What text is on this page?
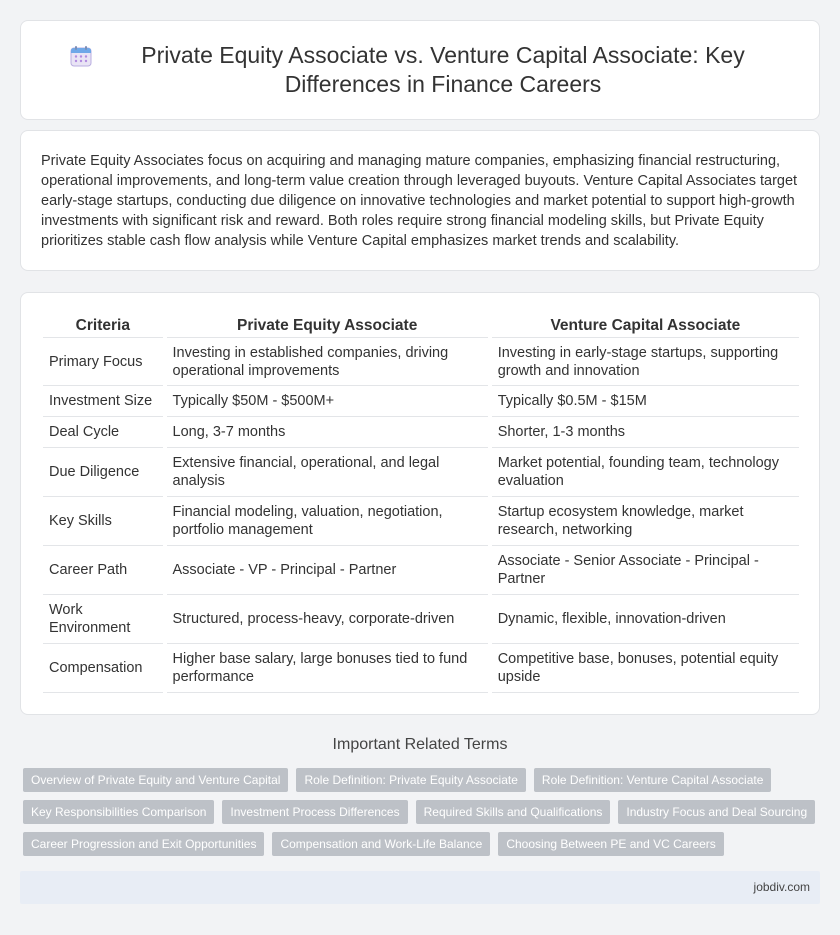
Private Equity Associate vs. Venture Capital Associate: Key Differences in Finance Careers

Private Equity Associates focus on acquiring and managing mature companies, emphasizing financial restructuring, operational improvements, and long-term value creation through leveraged buyouts. Venture Capital Associates target early-stage startups, conducting due diligence on innovative technologies and market potential to support high-growth investments with significant risk and reward. Both roles require strong financial modeling skills, but Private Equity prioritizes stable cash flow analysis while Venture Capital emphasizes market trends and scalability.

Criteria		Private Equity Associate		Venture Capital Associate
Primary Focus		Investing in established companies, driving operational improvements		Investing in early-stage startups, supporting growth and innovation
Investment Size		Typically $50M - $500M+		Typically $0.5M - $15M
Deal Cycle		Long, 3-7 months		Shorter, 1-3 months
Due Diligence		Extensive financial, operational, and legal analysis		Market potential, founding team, technology evaluation
Key Skills		Financial modeling, valuation, negotiation, portfolio management		Startup ecosystem knowledge, market research, networking
Career Path		Associate - VP - Principal - Partner		Associate - Senior Associate - Principal - Partner
Work Environment		Structured, process-heavy, corporate-driven		Dynamic, flexible, innovation-driven
Compensation		Higher base salary, large bonuses tied to fund performance		Competitive base, bonuses, potential equity upside
Important Related Terms
Overview of Private Equity and Venture Capital	Role Definition: Private Equity Associate	Role Definition: Venture Capital Associate
Key Responsibilities Comparison	Investment Process Differences	Required Skills and Qualifications	Industry Focus and Deal Sourcing
Career Progression and Exit Opportunities	Compensation and Work-Life Balance	Choosing Between PE and VC Careers
jobdiv.com
